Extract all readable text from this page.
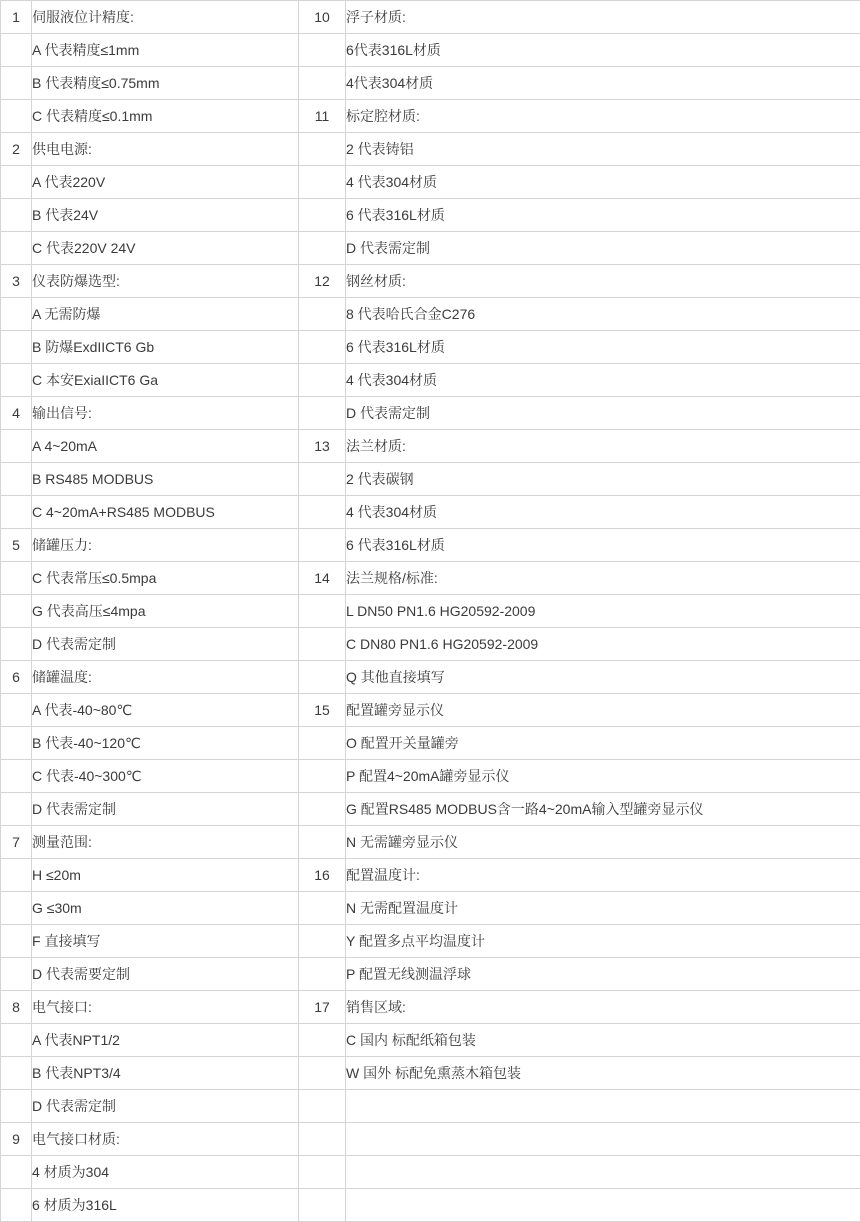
1	伺服液位计精度:	10	浮子材质:
	A 代表精度≤1mm		6代表316L材质
	B 代表精度≤0.75mm		4代表304材质
	C 代表精度≤0.1mm	11	标定腔材质:
2	供电电源:		2 代表铸铝
	A 代表220V		4 代表304材质
	B 代表24V		6 代表316L材质
	C 代表220V 24V		D 代表需定制
3	仪表防爆选型:	12	钢丝材质:
	A 无需防爆		8 代表哈氏合金C276
	B 防爆ExdIICT6 Gb		6 代表316L材质
	C 本安ExiaIICT6 Ga		4 代表304材质
4	输出信号:		D 代表需定制
	A 4~20mA	13	法兰材质:
	B RS485 MODBUS		2 代表碳钢
	C 4~20mA+RS485 MODBUS		4 代表304材质
5	储罐压力:		6 代表316L材质
	C 代表常压≤0.5mpa	14	法兰规格/标准:
	G 代表高压≤4mpa		L DN50 PN1.6 HG20592-2009
	D 代表需定制		C DN80 PN1.6 HG20592-2009
6	储罐温度:		Q 其他直接填写
	A 代表-40~80℃	15	配置罐旁显示仪
	B 代表-40~120℃		O 配置开关量罐旁
	C 代表-40~300℃		P 配置4~20mA罐旁显示仪
	D 代表需定制		G 配置RS485 MODBUS含一路4~20mA输入型罐旁显示仪
7	测量范围:		N 无需罐旁显示仪
	H ≤20m	16	配置温度计:
	G ≤30m		N 无需配置温度计
	F 直接填写		Y 配置多点平均温度计
	D 代表需要定制		P 配置无线测温浮球
8	电气接口:	17	销售区域:
	A 代表NPT1/2		C 国内 标配纸箱包装
	B 代表NPT3/4		W 国外 标配免熏蒸木箱包装
	D 代表需定制		
9	电气接口材质:		
	4 材质为304		
	6 材质为316L		
